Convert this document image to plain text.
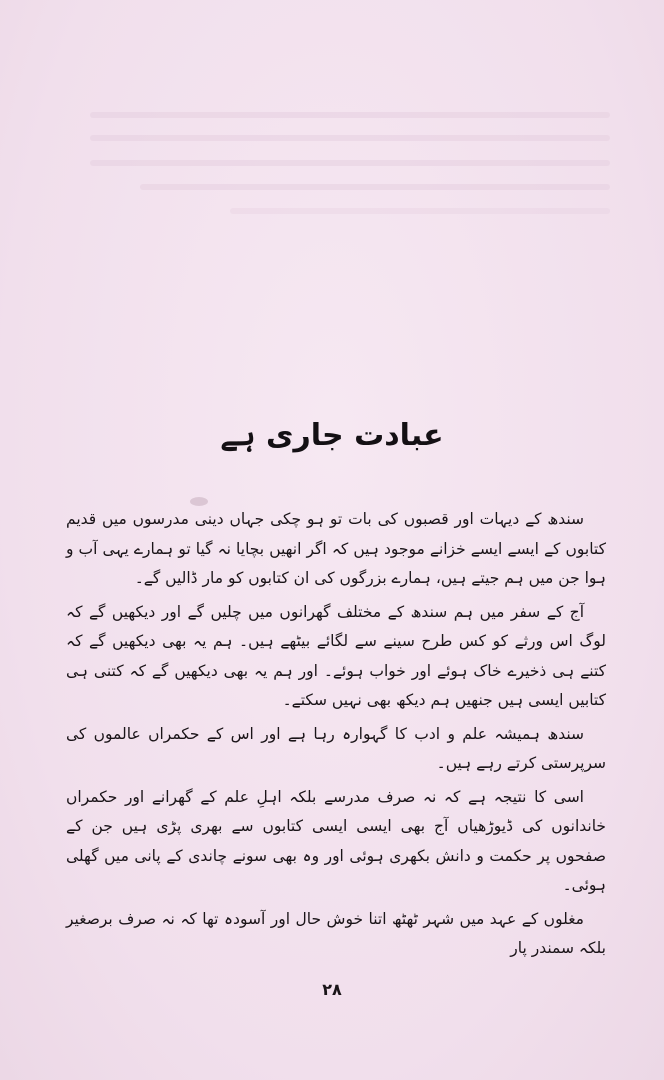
عبادت جاری ہے

سندھ کے دیہات اور قصبوں کی بات تو ہو چکی جہاں دینی مدرسوں میں قدیم کتابوں کے ایسے ایسے خزانے موجود ہیں کہ اگر انھیں بچایا نہ گیا تو ہمارے یہی آب و ہوا جن میں ہم جیتے ہیں، ہمارے بزرگوں کی ان کتابوں کو مار ڈالیں گے۔

آج کے سفر میں ہم سندھ کے مختلف گھرانوں میں چلیں گے اور دیکھیں گے کہ لوگ اس ورثے کو کس طرح سینے سے لگائے بیٹھے ہیں۔ ہم یہ بھی دیکھیں گے کہ کتنے ہی ذخیرے خاک ہوئے اور خواب ہوئے۔ اور ہم یہ بھی دیکھیں گے کہ کتنی ہی کتابیں ایسی ہیں جنھیں ہم دیکھ بھی نہیں سکتے۔

سندھ ہمیشہ علم و ادب کا گہوارہ رہا ہے اور اس کے حکمراں عالموں کی سرپرستی کرتے رہے ہیں۔

اسی کا نتیجہ ہے کہ نہ صرف مدرسے بلکہ اہلِ علم کے گھرانے اور حکمراں خاندانوں کی ڈیوڑھیاں آج بھی ایسی ایسی کتابوں سے بھری پڑی ہیں جن کے صفحوں پر حکمت و دانش بکھری ہوئی اور وہ بھی سونے چاندی کے پانی میں گھلی ہوئی۔

مغلوں کے عہد میں شہر ٹھٹھ اتنا خوش حال اور آسودہ تھا کہ نہ صرف برصغیر بلکہ سمندر پار

۲۸
